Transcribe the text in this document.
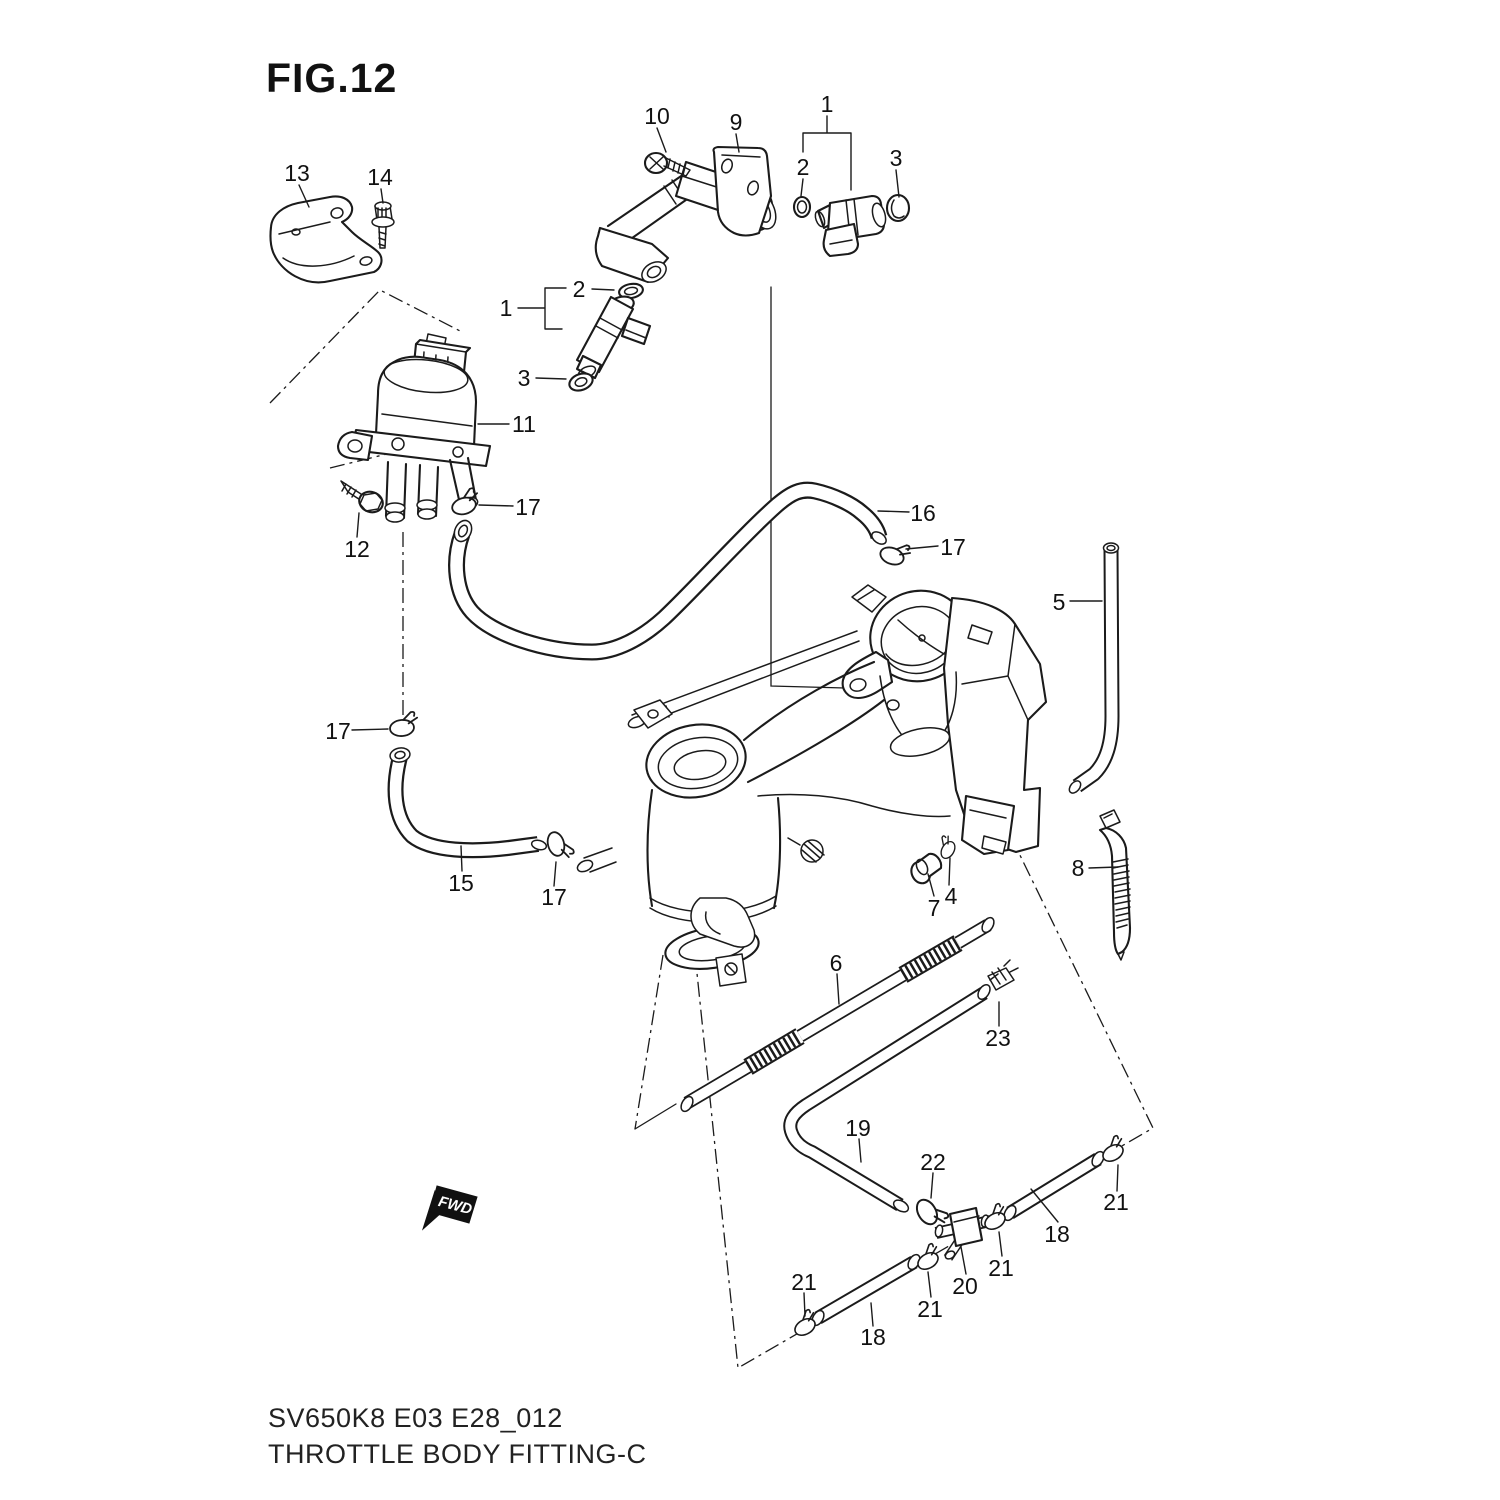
FIG.12
FWD
10	9
1
2	3
13 14
2
1
3
11
17
12
16
17
5
17
15
17	7 4
8
6
23
19
22
21
18
21
20
21
21
18
SV650K8 E03 E28_012
THROTTLE BODY FITTING-C
